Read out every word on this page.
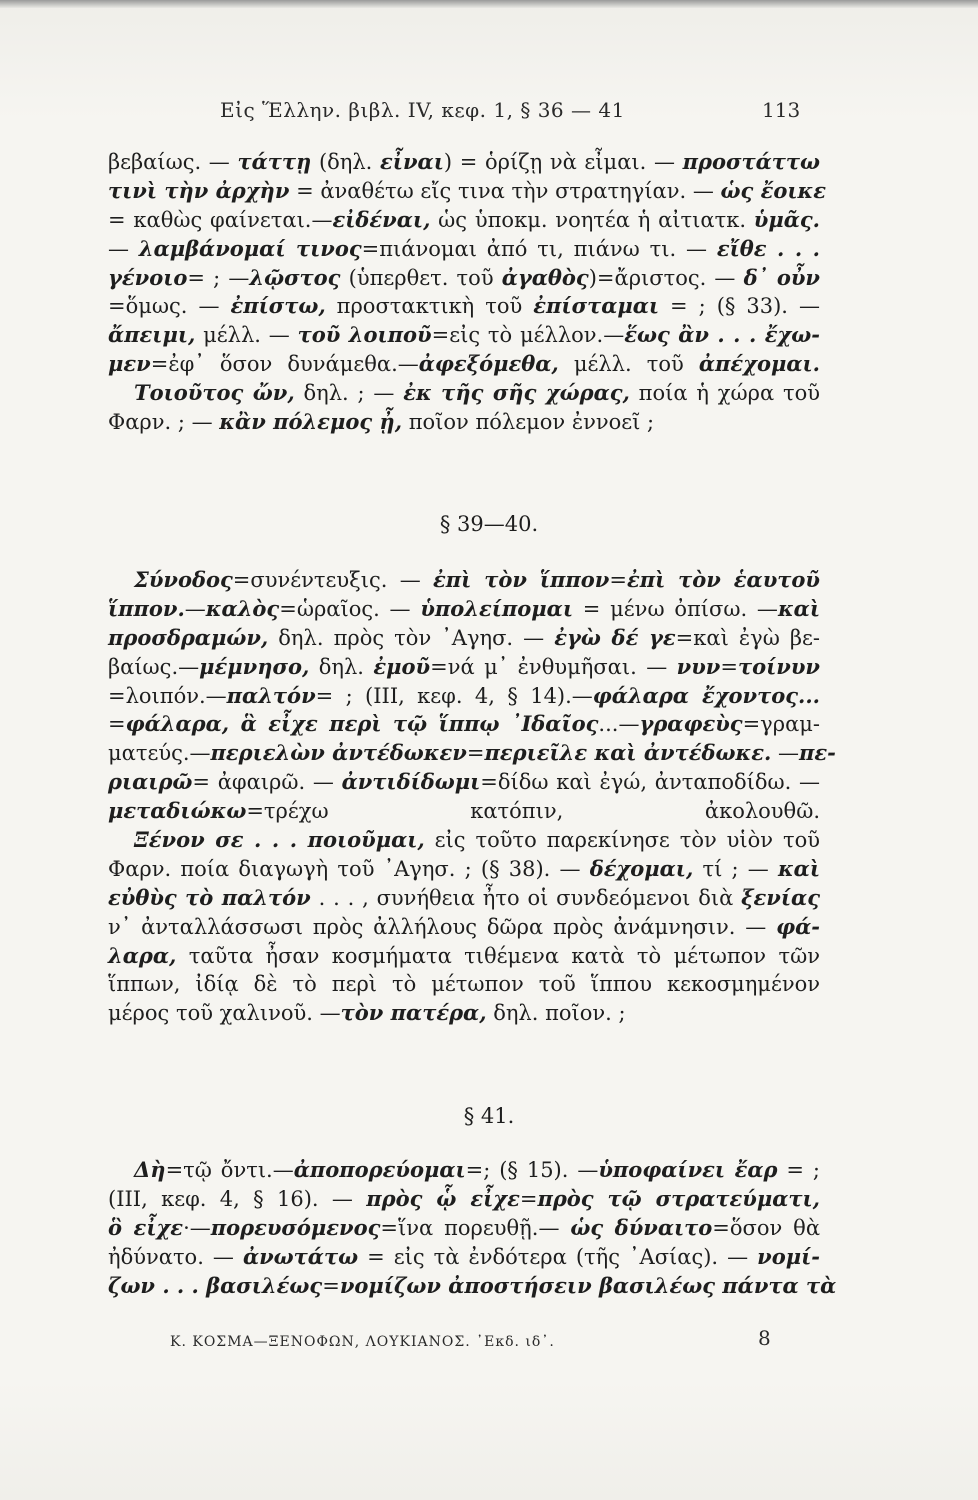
Εἰς Ἕλλην. βιβλ. IV, κεφ. 1, § 36 — 41	113
βεβαίως. — τάττῃ (δηλ. εἶναι) = ὁρίζῃ νὰ εἶμαι. — προστάττω
τινὶ τὴν ἀρχὴν = ἀναθέτω εἴς τινα τὴν στρατηγίαν. — ὡς ἔοικε
= καθὼς φαίνεται.—εἰδέναι, ὡς ὑποκμ. νοητέα ἡ αἰτιατκ. ὑμᾶς.
— λαμβάνομαί τινος=πιάνομαι ἀπό τι, πιάνω τι. — εἴθε . . .
γένοιο= ; —λῷστος (ὑπερθετ. τοῦ ἀγαθὸς)=ἄριστος. — δ᾽ οὖν
=ὅμως. — ἐπίστω, προστακτικὴ τοῦ ἐπίσταμαι = ; (§ 33). —
ἄπειμι, μέλλ. — τοῦ λοιποῦ=εἰς τὸ μέλλον.—ἕως ἂν . . . ἔχω-
μεν=ἐφ᾽ ὅσον δυνάμεθα.—ἀφεξόμεθα, μέλλ. τοῦ ἀπέχομαι.
Τοιοῦτος ὤν, δηλ. ; — ἐκ τῆς σῆς χώρας, ποία ἡ χώρα τοῦ
Φαρν. ; — κἂν πόλεμος ᾖ, ποῖον πόλεμον ἐννοεῖ ;
§ 39—40.
Σύνοδος=συνέντευξις. — ἐπὶ τὸν ἵππον=ἐπὶ τὸν ἑαυτοῦ
ἵππον.—καλὸς=ὡραῖος. — ὑπολείπομαι = μένω ὀπίσω. —καὶ
προσδραμών, δηλ. πρὸς τὸν ᾿Αγησ. — ἐγὼ δέ γε=καὶ ἐγὼ βε-
βαίως.—μέμνησο, δηλ. ἐμοῦ=νά μ᾽ ἐνθυμῆσαι. — νυν=τοίνυν
=λοιπόν.—παλτόν= ; (ΙΙΙ, κεφ. 4, § 14).—φάλαρα ἔχοντος...
=φάλαρα, ἃ εἶχε περὶ τῷ ἵππῳ ᾿Ιδαῖος...—γραφεὺς=γραμ-
ματεύς.—περιελὼν ἀντέδωκεν=περιεῖλε καὶ ἀντέδωκε. —πε-
ριαιρῶ= ἀφαιρῶ. — ἀντιδίδωμι=δίδω καὶ ἐγώ, ἀνταποδίδω. —
μεταδιώκω=τρέχω κατόπιν, ἀκολουθῶ.
Ξένον σε . . . ποιοῦμαι, εἰς τοῦτο παρεκίνησε τὸν υἱὸν τοῦ
Φαρν. ποία διαγωγὴ τοῦ ᾿Αγησ. ; (§ 38). — δέχομαι, τί ; — καὶ
εὐθὺς τὸ παλτόν . . . , συνήθεια ἦτο οἱ συνδεόμενοι διὰ ξενίας
ν᾽ ἀνταλλάσσωσι πρὸς ἀλλήλους δῶρα πρὸς ἀνάμνησιν. — φά-
λαρα, ταῦτα ἦσαν κοσμήματα τιθέμενα κατὰ τὸ μέτωπον τῶν
ἵππων, ἰδίᾳ δὲ τὸ περὶ τὸ μέτωπον τοῦ ἵππου κεκοσμημένον
μέρος τοῦ χαλινοῦ. —τὸν πατέρα, δηλ. ποῖον. ;
§ 41.
Δὴ=τῷ ὄντι.—ἀποπορεύομαι=; (§ 15). —ὑποφαίνει ἔαρ = ;
(ΙΙΙ, κεφ. 4, § 16). — πρὸς ᾧ εἶχε=πρὸς τῷ στρατεύματι,
ὃ εἶχε·—πορευσόμενος=ἵνα πορευθῇ.— ὡς δύναιτο=ὅσον θὰ
ἠδύνατο. — ἀνωτάτω = εἰς τὰ ἐνδότερα (τῆς ᾿Ασίας). — νομί-
ζων . . . βασιλέως=νομίζων ἀποστήσειν βασιλέως πάντα τὰ
Κ. ΚΟΣΜΑ—ΞΕΝΟΦΩΝ, ΛΟΥΚΙΑΝΟΣ. ᾿Εκδ. ιδ᾽.	8
